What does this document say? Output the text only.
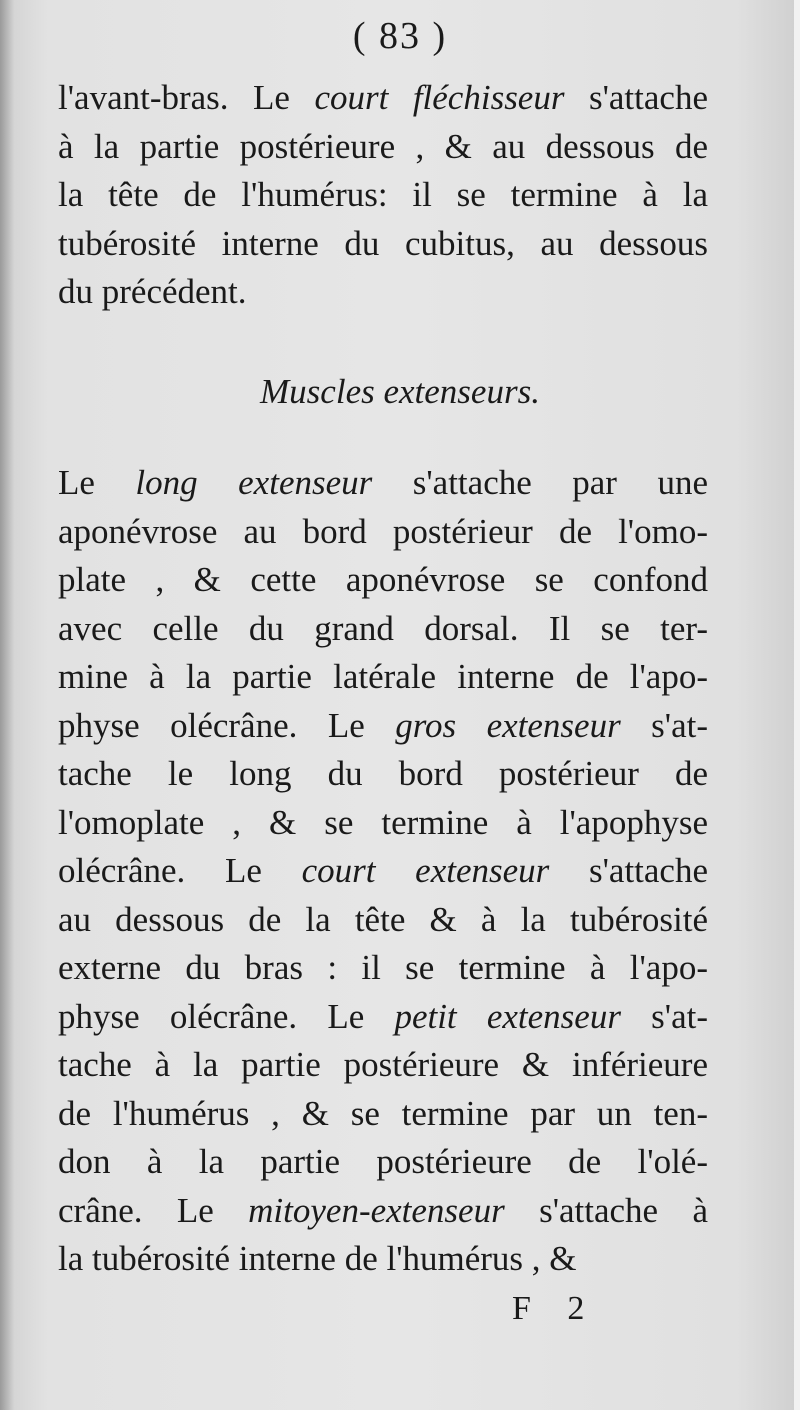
( 83 )
l'avant-bras. Le court fléchisseur s'attache
à la partie postérieure , & au dessous de
la tête de l'humérus: il se termine à la
tubérosité interne du cubitus, au dessous
du précédent.
Muscles extenseurs.
Le long extenseur s'attache par une
aponévrose au bord postérieur de l'omo-
plate , & cette aponévrose se confond
avec celle du grand dorsal. Il se ter-
mine à la partie latérale interne de l'apo-
physe olécrâne. Le gros extenseur s'at-
tache le long du bord postérieur de
l'omoplate , & se termine à l'apophyse
olécrâne. Le court extenseur s'attache
au dessous de la tête & à la tubérosité
externe du bras : il se termine à l'apo-
physe olécrâne. Le petit extenseur s'at-
tache à la partie postérieure & inférieure
de l'humérus , & se termine par un ten-
don à la partie postérieure de l'olé-
crâne. Le mitoyen-extenseur s'attache à
la tubérosité interne de l'humérus , &
F 2
